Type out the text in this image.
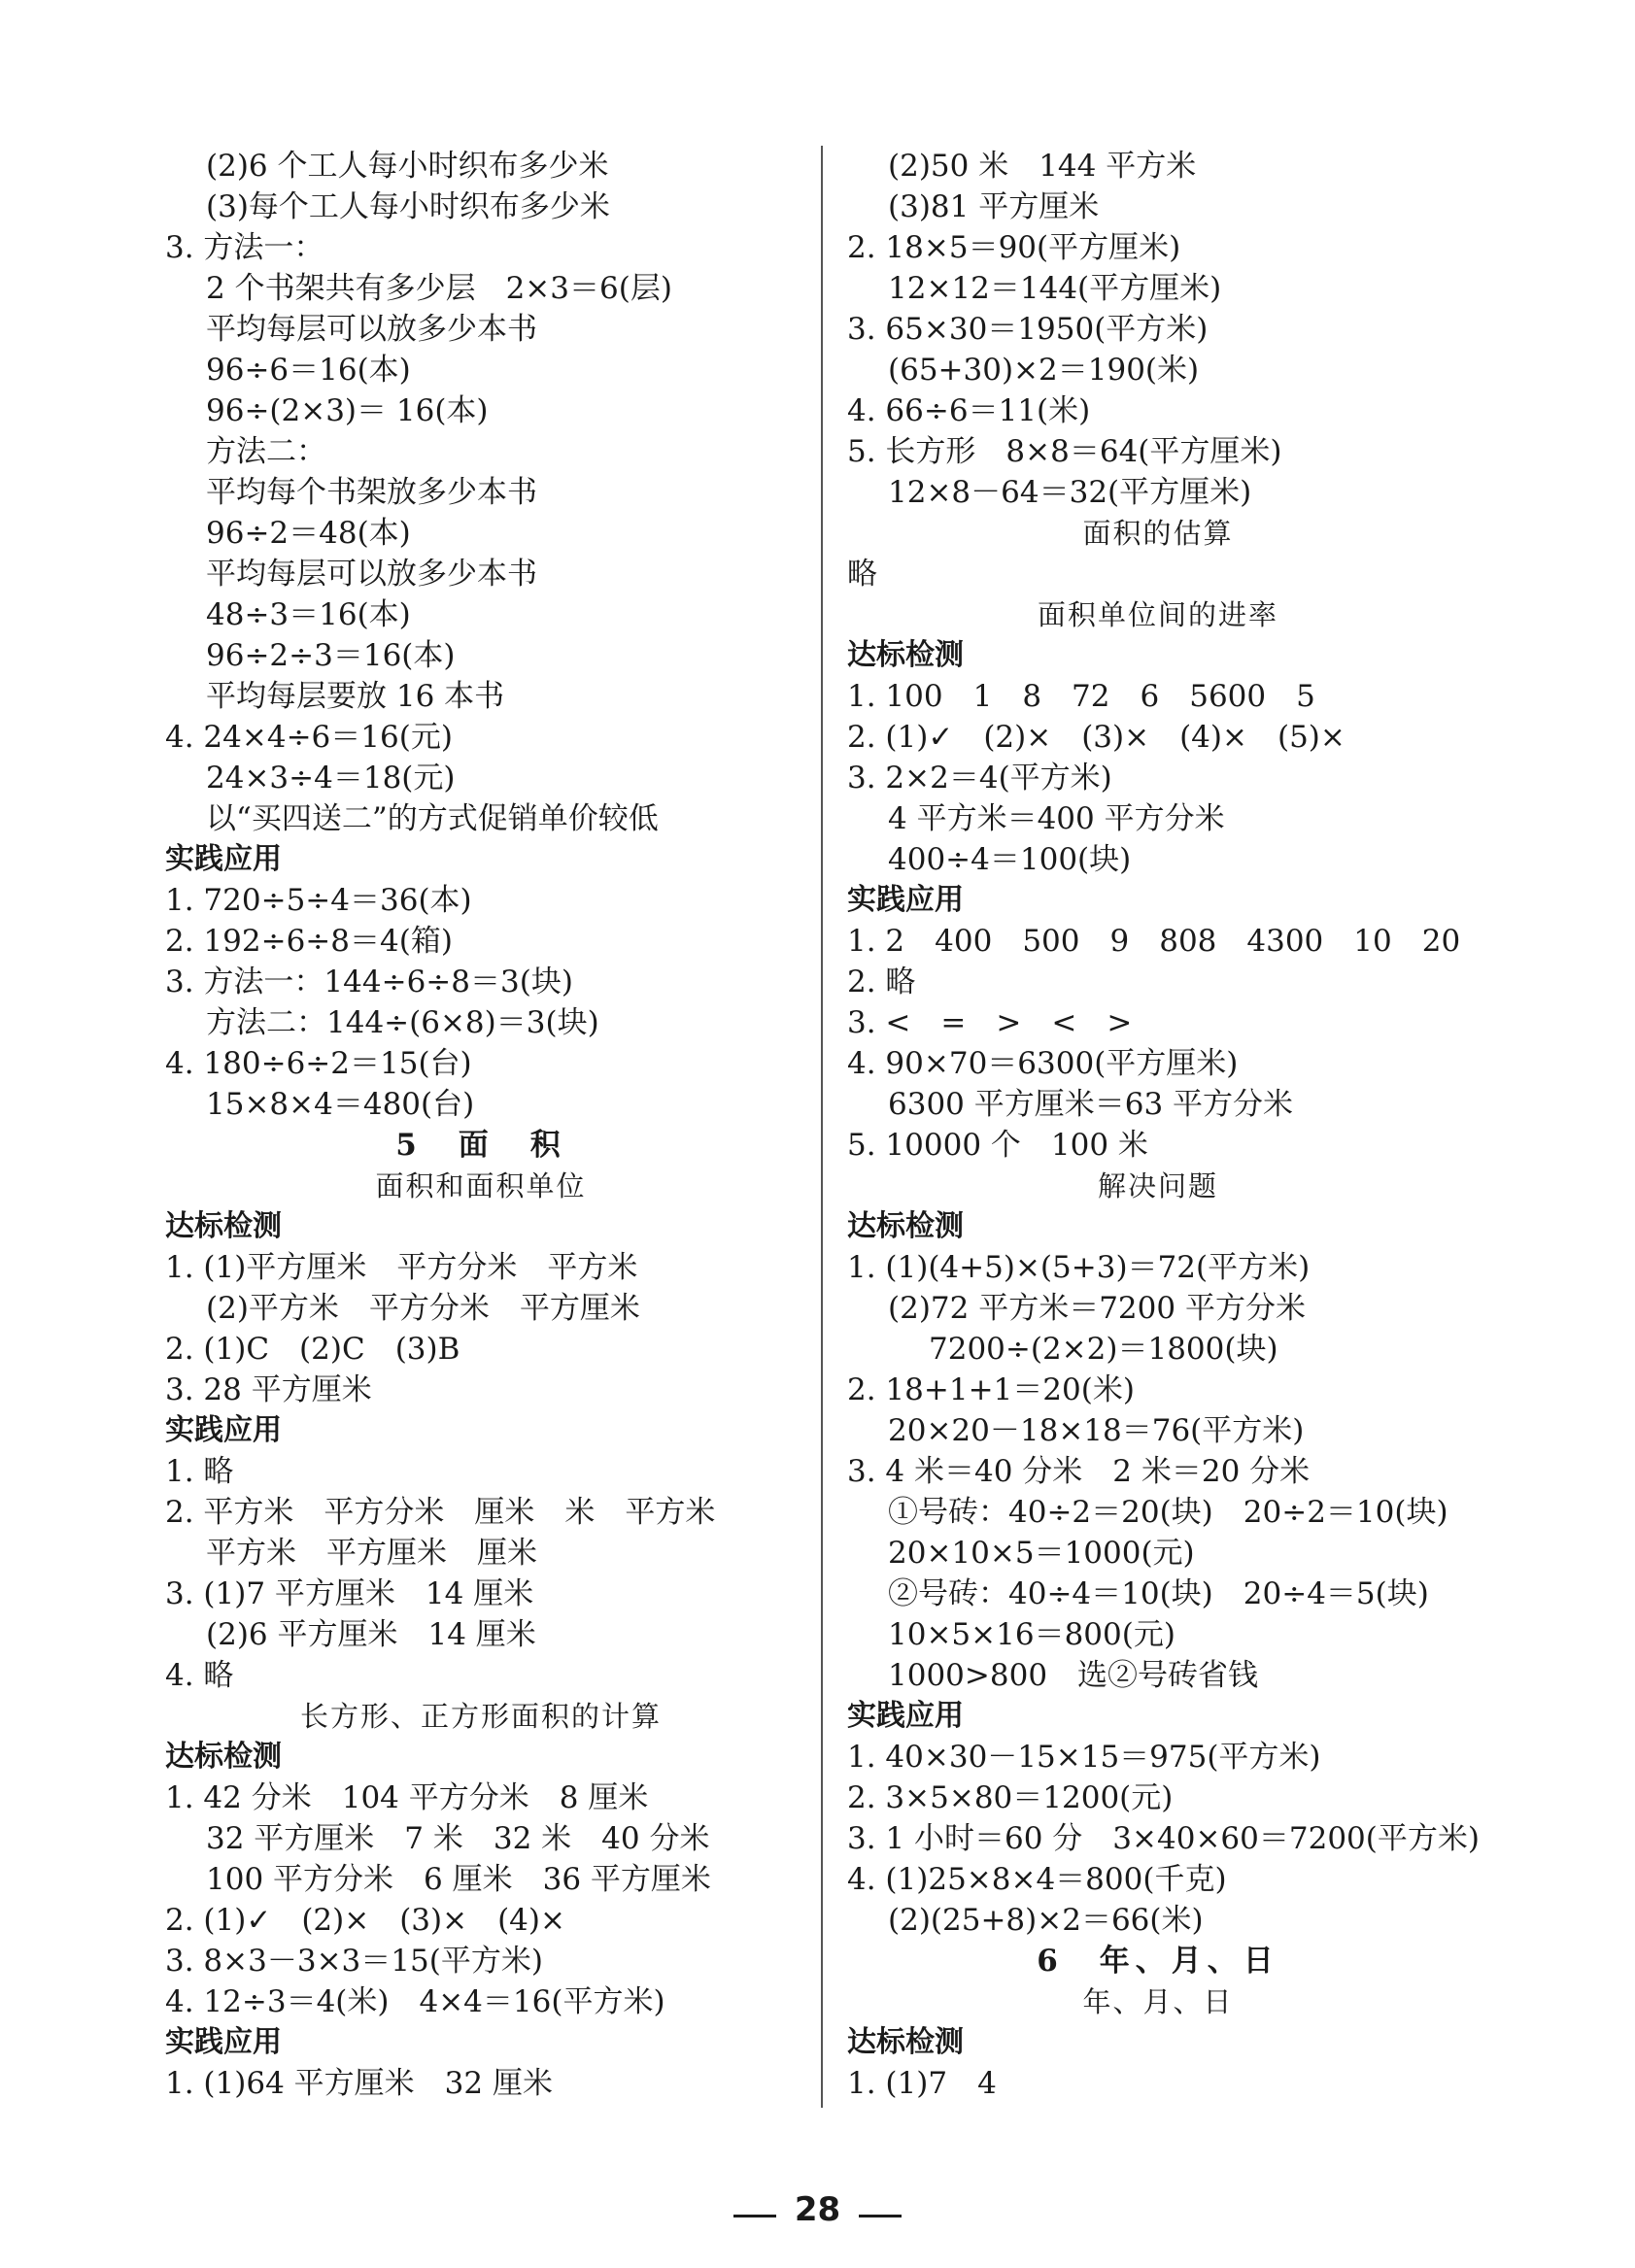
(2)6 个工人每小时织布多少米
(3)每个工人每小时织布多少米
3. 方法一：
2 个书架共有多少层　2×3＝6(层)
平均每层可以放多少本书
96÷6＝16(本)
96÷(2×3)＝ 16(本)
方法二：
平均每个书架放多少本书
96÷2＝48(本)
平均每层可以放多少本书
48÷3＝16(本)
96÷2÷3＝16(本)
平均每层要放 16 本书
4. 24×4÷6＝16(元)
24×3÷4＝18(元)
以“买四送二”的方式促销单价较低
实践应用
1. 720÷5÷4＝36(本)
2. 192÷6÷8＝4(箱)
3. 方法一：144÷6÷8＝3(块)
方法二：144÷(6×8)＝3(块)
4. 180÷6÷2＝15(台)
15×8×4＝480(台)
5　面　积
面积和面积单位
达标检测
1. (1)平方厘米　平方分米　平方米
(2)平方米　平方分米　平方厘米
2. (1)C　(2)C　(3)B
3. 28 平方厘米
实践应用
1. 略
2. 平方米　平方分米　厘米　米　平方米
平方米　平方厘米　厘米
3. (1)7 平方厘米　14 厘米
(2)6 平方厘米　14 厘米
4. 略
长方形、正方形面积的计算
达标检测
1. 42 分米　104 平方分米　8 厘米
32 平方厘米　7 米　32 米　40 分米
100 平方分米　6 厘米　36 平方厘米
2. (1)✓　(2)×　(3)×　(4)×
3. 8×3－3×3＝15(平方米)
4. 12÷3＝4(米)　4×4＝16(平方米)
实践应用
1. (1)64 平方厘米　32 厘米
(2)50 米　144 平方米
(3)81 平方厘米
2. 18×5＝90(平方厘米)
12×12＝144(平方厘米)
3. 65×30＝1950(平方米)
(65+30)×2＝190(米)
4. 66÷6＝11(米)
5. 长方形　8×8＝64(平方厘米)
12×8－64＝32(平方厘米)
面积的估算
略
面积单位间的进率
达标检测
1. 100　1　8　72　6　5600　5
2. (1)✓　(2)×　(3)×　(4)×　(5)×
3. 2×2＝4(平方米)
4 平方米＝400 平方分米
400÷4＝100(块)
实践应用
1. 2　400　500　9　808　4300　10　20
2. 略
3. <　=　>　<　>
4. 90×70＝6300(平方厘米)
6300 平方厘米＝63 平方分米
5. 10000 个　100 米
解决问题
达标检测
1. (1)(4+5)×(5+3)＝72(平方米)
(2)72 平方米＝7200 平方分米
7200÷(2×2)＝1800(块)
2. 18+1+1＝20(米)
20×20－18×18＝76(平方米)
3. 4 米＝40 分米　2 米＝20 分米
①号砖：40÷2＝20(块)　20÷2＝10(块)
20×10×5＝1000(元)
②号砖：40÷4＝10(块)　20÷4＝5(块)
10×5×16＝800(元)
1000>800　选②号砖省钱
实践应用
1. 40×30－15×15＝975(平方米)
2. 3×5×80＝1200(元)
3. 1 小时＝60 分　3×40×60＝7200(平方米)
4. (1)25×8×4＝800(千克)
(2)(25+8)×2＝66(米)
6　年、月、日
年、月、日
达标检测
1. (1)7　4
28
